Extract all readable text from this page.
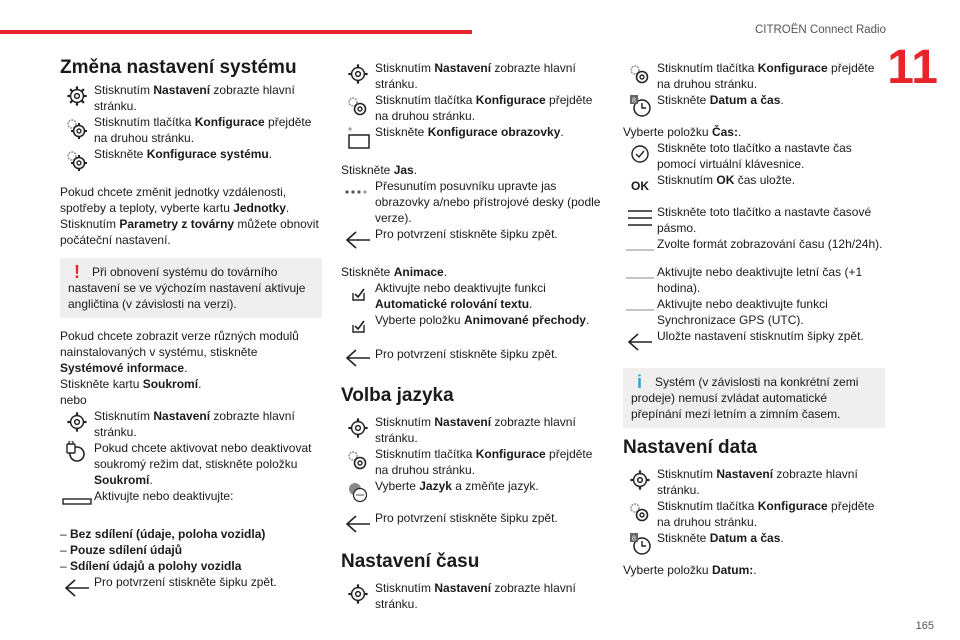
CITROËN Connect Radio
11
165
Změna nastavení systému
Stisknutím Nastavení zobrazte hlavní stránku.
Stisknutím tlačítka Konfigurace přejděte na druhou stránku.
Stiskněte Konfigurace systému.

Pokud chcete změnit jednotky vzdálenosti, spotřeby a teploty, vyberte kartu Jednotky.

Stisknutím Parametry z továrny můžete obnovit počáteční nastavení.

!	Při obnovení systému do továrního nastavení se ve výchozím nastavení aktivuje angličtina (v závislosti na verzi).

Pokud chcete zobrazit verze různých modulů nainstalovaných v systému, stiskněte Systémové informace.

Stiskněte kartu Soukromí.

nebo

Stisknutím Nastavení zobrazte hlavní stránku.
Pokud chcete aktivovat nebo deaktivovat soukromý režim dat, stiskněte položku Soukromí.
Aktivujte nebo deaktivujte:
– Bez sdílení (údaje, poloha vozidla)
– Pouze sdílení údajů
– Sdílení údajů a polohy vozidla
Pro potvrzení stiskněte šipku zpět.
Stisknutím Nastavení zobrazte hlavní stránku.
Stisknutím tlačítka Konfigurace přejděte na druhou stránku.
Stiskněte Konfigurace obrazovky.

Stiskněte Jas.

Přesunutím posuvníku upravte jas obrazovky a/nebo přístrojové desky (podle verze).
Pro potvrzení stiskněte šipku zpět.

Stiskněte Animace.

Aktivujte nebo deaktivujte funkci Automatické rolování textu.
Vyberte položku Animované přechody.
Pro potvrzení stiskněte šipku zpět.
Volba jazyka
Stisknutím Nastavení zobrazte hlavní stránku.
Stisknutím tlačítka Konfigurace přejděte na druhou stránku.
Vyberte Jazyk a změňte jazyk.
Pro potvrzení stiskněte šipku zpět.
Nastavení času
Stisknutím Nastavení zobrazte hlavní stránku.
Stisknutím tlačítka Konfigurace přejděte na druhou stránku.
8 Stiskněte Datum a čas.

Vyberte položku Čas:.

Stiskněte toto tlačítko a nastavte čas pomocí virtuální klávesnice.
OK Stisknutím OK čas uložte.
Stiskněte toto tlačítko a nastavte časové pásmo.
Zvolte formát zobrazování času (12h/24h).
Aktivujte nebo deaktivujte letní čas (+1 hodina).
Aktivujte nebo deaktivujte funkci Synchronizace GPS (UTC).
Uložte nastavení stisknutím šipky zpět.
i	Systém (v závislosti na konkrétní zemi prodeje) nemusí zvládat automatické přepínání mezi letním a zimním časem.

Nastavení data
Stisknutím Nastavení zobrazte hlavní stránku.
Stisknutím tlačítka Konfigurace přejděte na druhou stránku.
8 Stiskněte Datum a čas.

Vyberte položku Datum:.
